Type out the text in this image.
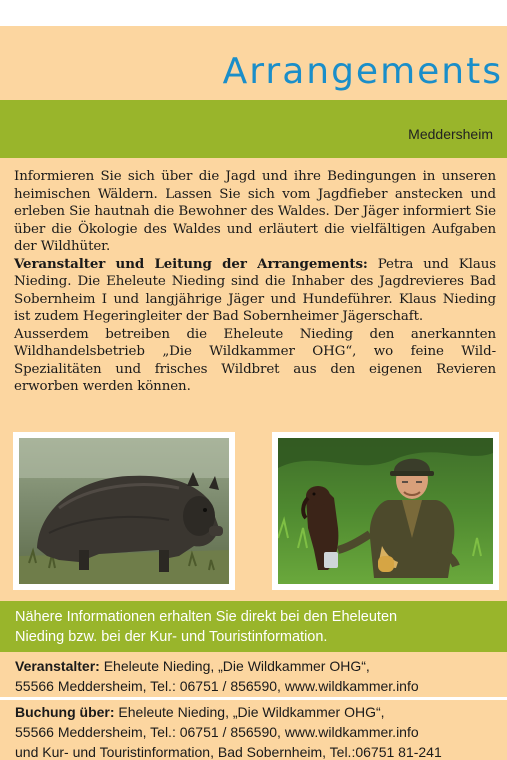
Arrangements
Meddersheim

Informieren Sie sich über die Jagd und ihre Bedingungen in unseren heimischen Wäldern. Lassen Sie sich vom Jagdfieber anstecken und erleben Sie hautnah die Bewohner des Waldes. Der Jäger informiert Sie über die Ökologie des Waldes und erläutert die vielfältigen Aufgaben der Wildhüter.

Veranstalter und Leitung der Arrangements: Petra und Klaus Nieding. Die Eheleute Nieding sind die Inhaber des Jagdrevieres Bad Sobernheim I und langjährige Jäger und Hundeführer. Klaus Nieding ist zudem Hegeringleiter der Bad Sobernheimer Jägerschaft.

Ausserdem betreiben die Eheleute Nieding den anerkannten Wildhandelsbetrieb „Die Wildkammer OHG“, wo feine Wild-Spezialitäten und frisches Wildbret aus den eigenen Revieren erworben werden können.

Nähere Informationen erhalten Sie direkt bei den Eheleuten
Nieding bzw. bei der Kur- und Touristinformation.
Veranstalter: Eheleute Nieding, „Die Wildkammer OHG“,
55566 Meddersheim, Tel.: 06751 / 856590, www.wildkammer.info
Buchung über: Eheleute Nieding, „Die Wildkammer OHG“,
55566 Meddersheim, Tel.: 06751 / 856590, www.wildkammer.info
und Kur- und Touristinformation, Bad Sobernheim, Tel.:06751 81-241
